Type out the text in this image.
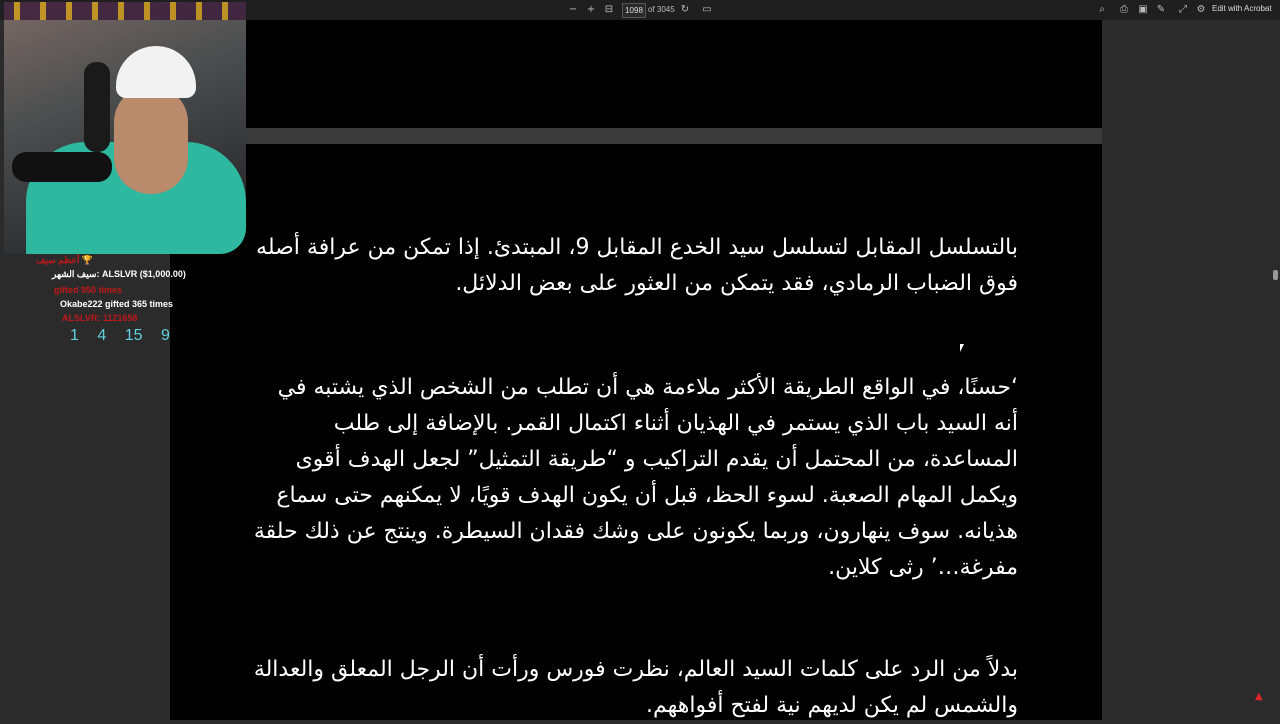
− + ⊟	1098 of 3045 ↻ ▭	⌕	⎙	▣ ✎	⤢ ⚙ Edit with Acrobat
بالتسلسل المقابل لتسلسل سيد الخدع المقابل 9، المبتدئ. إذا تمكن من عرافة أصله فوق الضباب الرمادي، فقد يتمكن من العثور على بعض الدلائل.
‘حسنًا، في الواقع الطريقة الأكثر ملاءمة هي أن تطلب من الشخص الذي يشتبه في أنه السيد باب الذي يستمر في الهذيان أثناء اكتمال القمر. بالإضافة إلى طلب المساعدة، من المحتمل أن يقدم التراكيب و “طريقة التمثيل” لجعل الهدف أقوى ويكمل المهام الصعبة. لسوء الحظ، قبل أن يكون الهدف قويًا، لا يمكنهم حتى سماع هذيانه. سوف ينهارون، وربما يكونون على وشك فقدان السيطرة. وينتج عن ذلك حلقة مفرغة…’ رثى كلاين.
بدلاً من الرد على كلمات السيد العالم، نظرت فورس ورأت أن الرجل المعلق والعدالة والشمس لم يكن لديهم نية لفتح أفواههم.
أعظم سيف 🏆
سيف الشهر: ALSLVR ($1,000.00)
gifted 950 times
Okabe222 gifted 365 times
ALSLVR: 1121658
1 4 15 9
▲
